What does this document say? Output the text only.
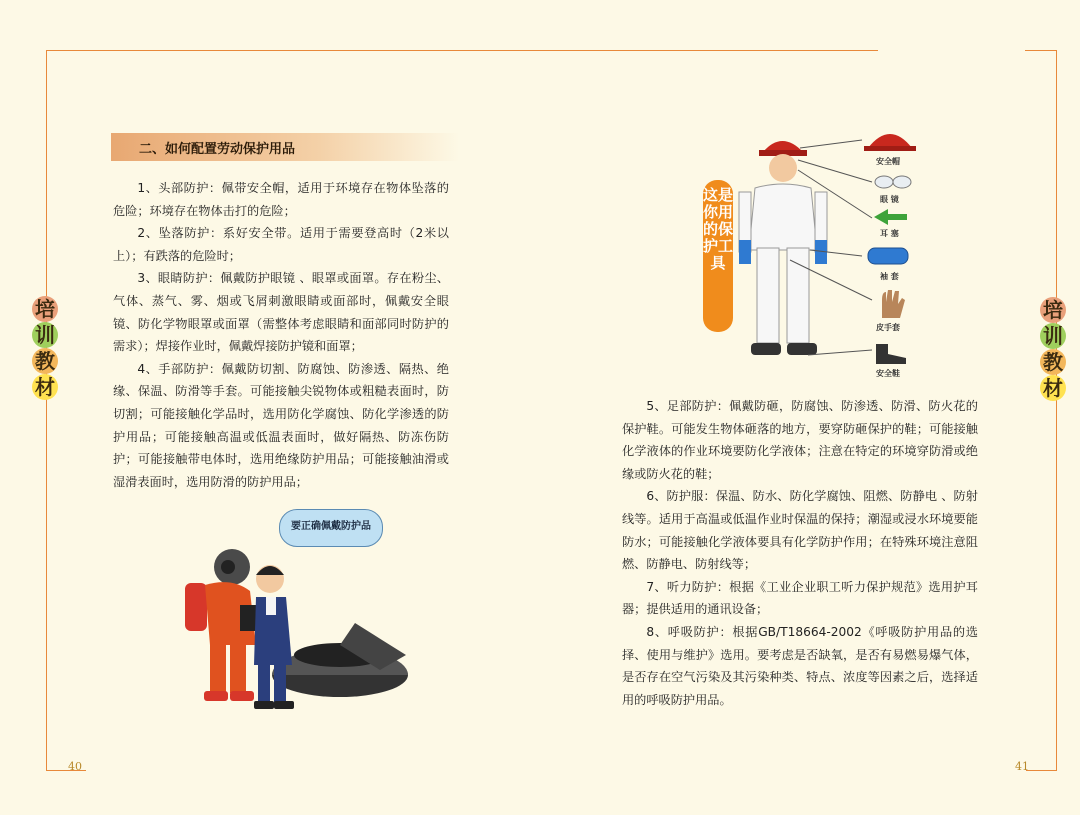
培
训
教
材
培
训
教
材
40	41
二、如何配置劳动保护用品

1、头部防护：佩带安全帽，适用于环境存在物体坠落的危险；环境存在物体击打的危险；

2、坠落防护：系好安全带。适用于需要登高时（2米以上）；有跌落的危险时；

3、眼睛防护：佩戴防护眼镜 、眼罩或面罩。存在粉尘、气体、蒸气、雾、烟或飞屑刺激眼睛或面部时，佩戴安全眼镜、防化学物眼罩或面罩（需整体考虑眼睛和面部同时防护的需求）；焊接作业时，佩戴焊接防护镜和面罩；

4、手部防护：佩戴防切割、防腐蚀、防渗透、隔热、绝缘、保温、防滑等手套。可能接触尖锐物体或粗糙表面时，防切割；可能接触化学品时，选用防化学腐蚀、防化学渗透的防护用品；可能接触高温或低温表面时，做好隔热、防冻伤防护；可能接触带电体时，选用绝缘防护用品；可能接触油滑或湿滑表面时，选用防滑的防护用品；

5、足部防护：佩戴防砸，防腐蚀、防渗透、防滑、防火花的保护鞋。可能发生物体砸落的地方，要穿防砸保护的鞋；可能接触化学液体的作业环境要防化学液体；注意在特定的环境穿防滑或绝缘或防火花的鞋；

6、防护服：保温、防水、防化学腐蚀、阻燃、防静电 、防射线等。适用于高温或低温作业时保温的保持；潮湿或浸水环境要能防水；可能接触化学液体要具有化学防护作用；在特殊环境注意阻燃、防静电、防射线等；

7、听力防护：根据《工业企业职工听力保护规范》选用护耳器；提供适用的通讯设备；

8、呼吸防护：根据GB/T18664-2002《呼吸防护用品的选择、使用与维护》选用。要考虑是否缺氧，是否有易燃易爆气体，是否存在空气污染及其污染种类、特点、浓度等因素之后，选择适用的呼吸防护用品。

要正确佩戴防护品
安全帽
眼 镜
耳 塞
袖 套
皮手套
安全鞋
这是你用的保护工具
